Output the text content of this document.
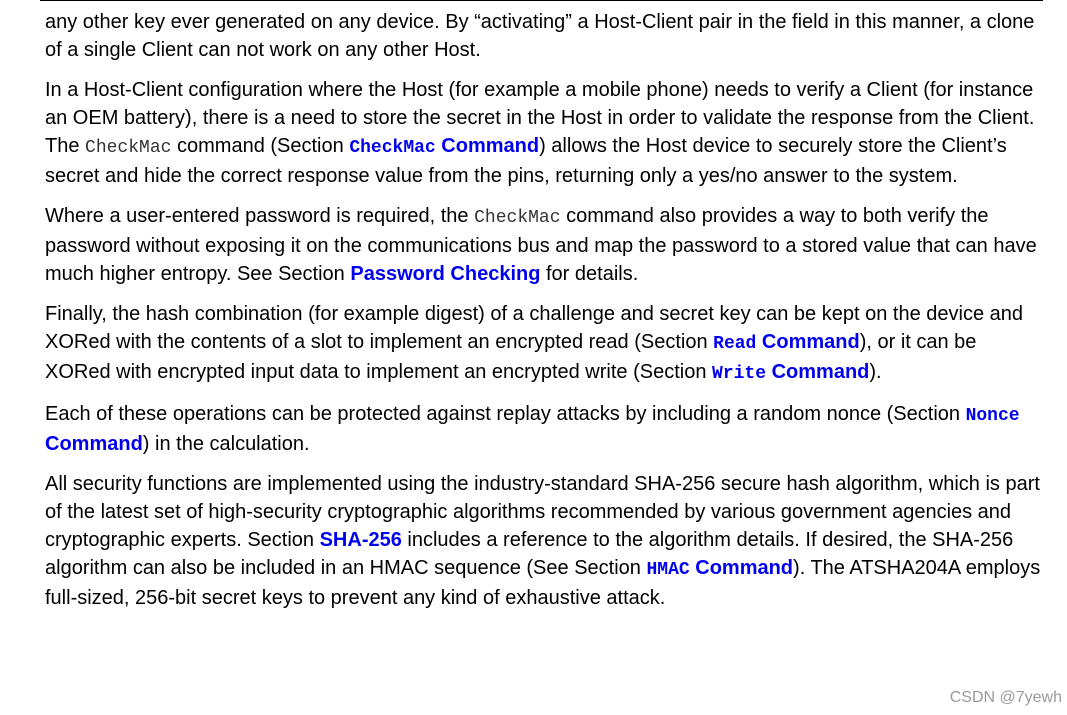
any other key ever generated on any device. By “activating” a Host-Client pair in the field in this manner, a clone of a single Client can not work on any other Host.

In a Host-Client configuration where the Host (for example a mobile phone) needs to verify a Client (for instance an OEM battery), there is a need to store the secret in the Host in order to validate the response from the Client. The CheckMac command (Section CheckMac Command) allows the Host device to securely store the Client’s secret and hide the correct response value from the pins, returning only a yes/no answer to the system.

Where a user-entered password is required, the CheckMac command also provides a way to both verify the password without exposing it on the communications bus and map the password to a stored value that can have much higher entropy. See Section Password Checking for details.

Finally, the hash combination (for example digest) of a challenge and secret key can be kept on the device and XORed with the contents of a slot to implement an encrypted read (Section Read Command), or it can be XORed with encrypted input data to implement an encrypted write (Section Write Command).

Each of these operations can be protected against replay attacks by including a random nonce (Section Nonce Command) in the calculation.

All security functions are implemented using the industry-standard SHA-256 secure hash algorithm, which is part of the latest set of high-security cryptographic algorithms recommended by various government agencies and cryptographic experts. Section SHA-256 includes a reference to the algorithm details. If desired, the SHA-256 algorithm can also be included in an HMAC sequence (See Section HMAC Command). The ATSHA204A employs full-sized, 256-bit secret keys to prevent any kind of exhaustive attack.

CSDN @7yewh
